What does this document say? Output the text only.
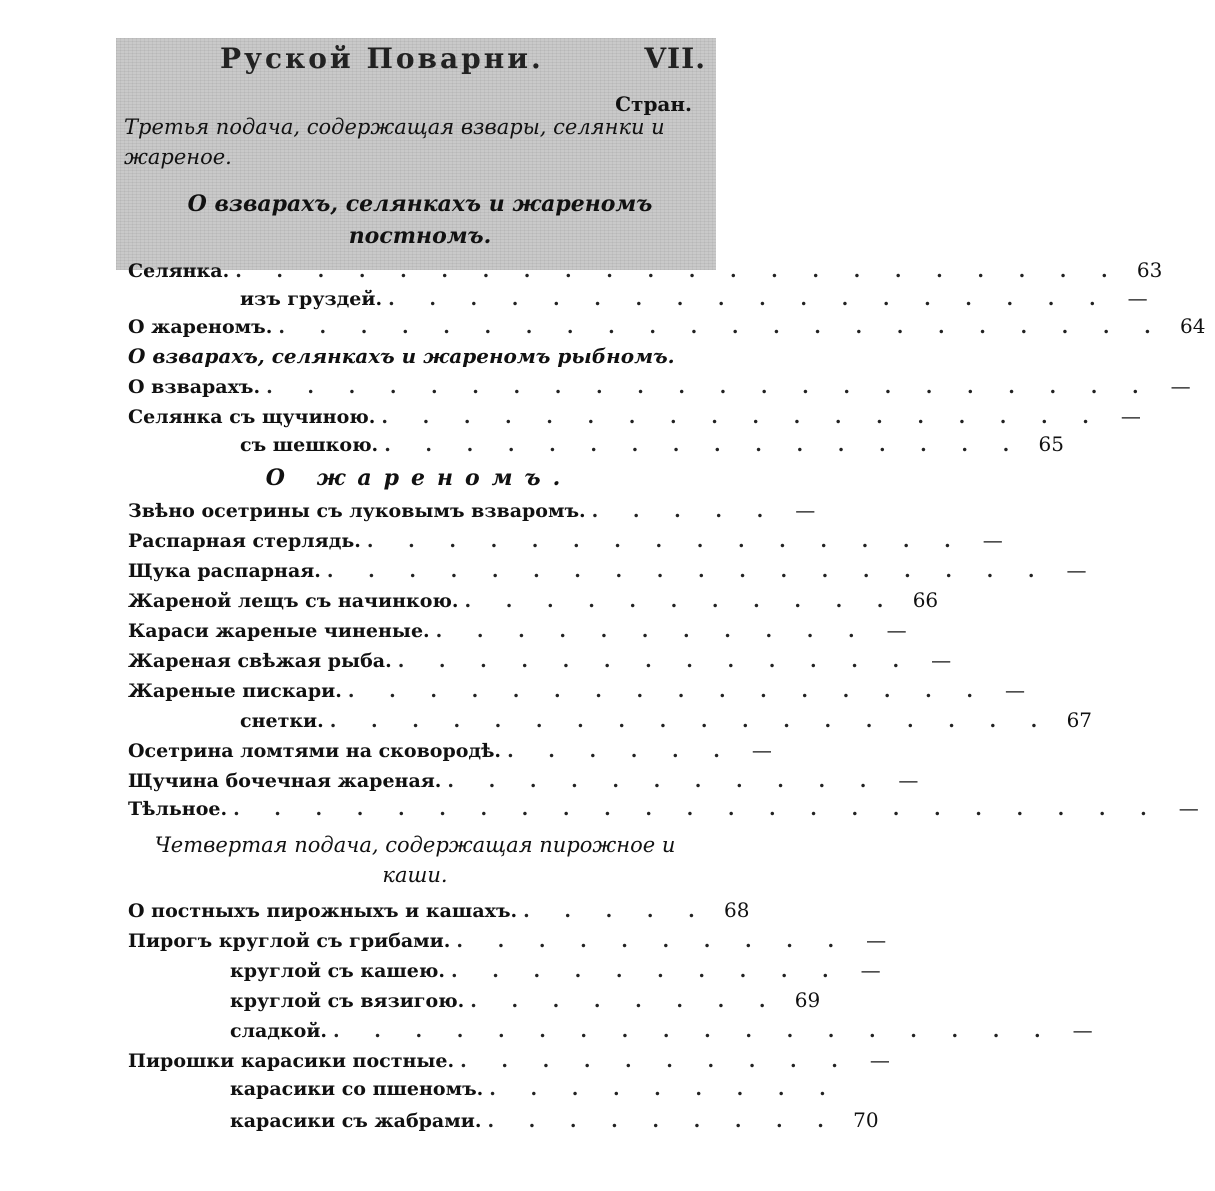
Руской Поварни.	VII.
Стран.
Третья подача, содержащая взвары, селянки и жареное.
О взварахъ, селянкахъ и жареномъ постномъ.
Селянка. . . . . . . . . . . . . . . . . . . . . . . 63
изъ груздей. . . . . . . . . . . . . . . . . . . —
О жареномъ. . . . . . . . . . . . . . . . . . . . . . . 64
О взварахъ, селянкахъ и жареномъ рыбномъ.
О взварахъ. . . . . . . . . . . . . . . . . . . . . . . —
Селянка съ щучиною. . . . . . . . . . . . . . . . . . . —
съ шешкою. . . . . . . . . . . . . . . . . 65
О жареномъ.
Звѣно осетрины съ луковымъ взваромъ. . . . . . —
Распарная стерлядь. . . . . . . . . . . . . . . . —
Щука распарная. . . . . . . . . . . . . . . . . . . —
Жареной лещъ съ начинкою. . . . . . . . . . . . 66
Караси жареные чиненые. . . . . . . . . . . . —
Жареная свѣжая рыба. . . . . . . . . . . . . . —
Жареные пискари. . . . . . . . . . . . . . . . . —
снетки. . . . . . . . . . . . . . . . . . . 67
Осетрина ломтями на сковородѣ. . . . . . . —
Щучина бочечная жареная. . . . . . . . . . . . —
Тѣльное. . . . . . . . . . . . . . . . . . . . . . . . —
Четвертая подача, содержащая пирожное и каши.
О постныхъ пирожныхъ и кашахъ. . . . . . 68
Пирогъ круглой съ грибами. . . . . . . . . . . —
круглой съ кашею. . . . . . . . . . . —
круглой съ вязигою. . . . . . . . . 69
сладкой. . . . . . . . . . . . . . . . . . . —
Пирошки карасики постные. . . . . . . . . . . —
карасики со пшеномъ. . . . . . . . . .
карасики съ жабрами. . . . . . . . . . 70
